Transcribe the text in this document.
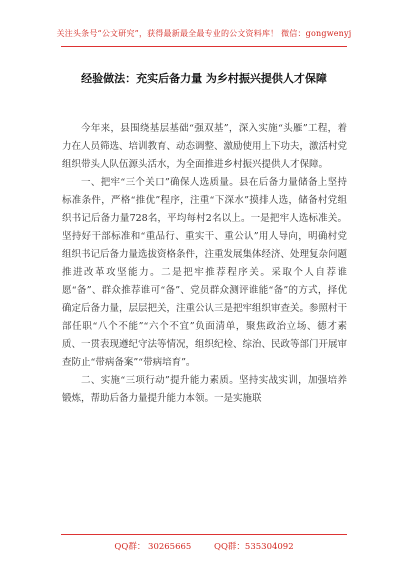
关注头条号“公文研究”，获得最新最全最专业的公文资料库！ 微信：gongwenyj
经验做法：充实后备力量 为乡村振兴提供人才保障

今年来，县围绕基层基础“强双基”，深入实施“头雁”工程，着力在人员筛选、培训教育、动态调整、激励使用上下功夫，激活村党组织带头人队伍源头活水，为全面推进乡村振兴提供人才保障。

一、把牢“三个关口”确保人选质量。县在后备力量储备上坚持标准条件，严格“推优”程序，注重“下深水”摸排人选，储备村党组织书记后备力量728名，平均每村2名以上。一是把牢人选标准关。坚持好干部标准和“重品行、重实干、重公认”用人导向，明确村党组织书记后备力量选拔资格条件，注重发展集体经济、处理复杂问题推进改革攻坚能力。二是把牢推荐程序关。采取个人自荐谁愿“备”、群众推荐谁可“备”、党员群众测评谁能“备”的方式，择优确定后备力量，层层把关，注重公认三是把牢组织审查关。参照村干部任职“八个不能”“六个不宜”负面清单，聚焦政治立场、德才素质、一贯表现遵纪守法等情况，组织纪检、综治、民政等部门开展审查防止“带病备案”“带病培育”。

二、实施“三项行动”提升能力素质。坚持实战实训，加强培养锻炼，帮助后备力量提升能力本领。一是实施联

QQ群： 30265665	QQ群：535304092
